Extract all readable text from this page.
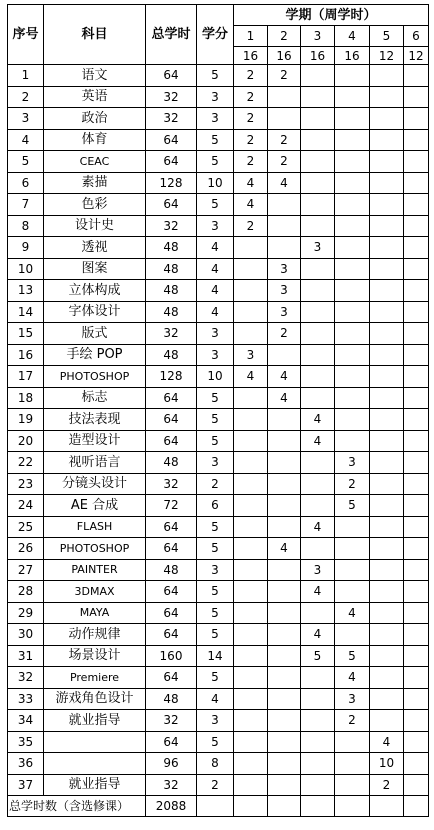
序号	科目	总学时	学分	学期（周学时）					
				1	2	3	4	5	6
				16	16	16	16	12	12
1	语文	64	5	2	2				
2	英语	32	3	2					
3	政治	32	3	2					
4	体育	64	5	2	2				
5	CEAC	64	5	2	2				
6	素描	128	10	4	4				
7	色彩	64	5	4					
8	设计史	32	3	2					
9	透视	48	4			3			
10	图案	48	4		3				
13	立体构成	48	4		3				
14	字体设计	48	4		3				
15	版式	32	3		2				
16	手绘 POP	48	3	3					
17	PHOTOSHOP	128	10	4	4				
18	标志	64	5		4				
19	技法表现	64	5			4			
20	造型设计	64	5			4			
22	视听语言	48	3				3		
23	分镜头设计	32	2				2		
24	AE 合成	72	6				5		
25	FLASH	64	5			4			
26	PHOTOSHOP	64	5		4				
27	PAINTER	48	3			3			
28	3DMAX	64	5			4			
29	MAYA	64	5				4		
30	动作规律	64	5			4			
31	场景设计	160	14			5	5		
32	Premiere	64	5				4		
33	游戏角色设计	48	4				3		
34	就业指导	32	3				2		
35		64	5					4	
36		96	8					10	
37	就业指导	32	2					2	
总学时数（含选修课）		2088							
